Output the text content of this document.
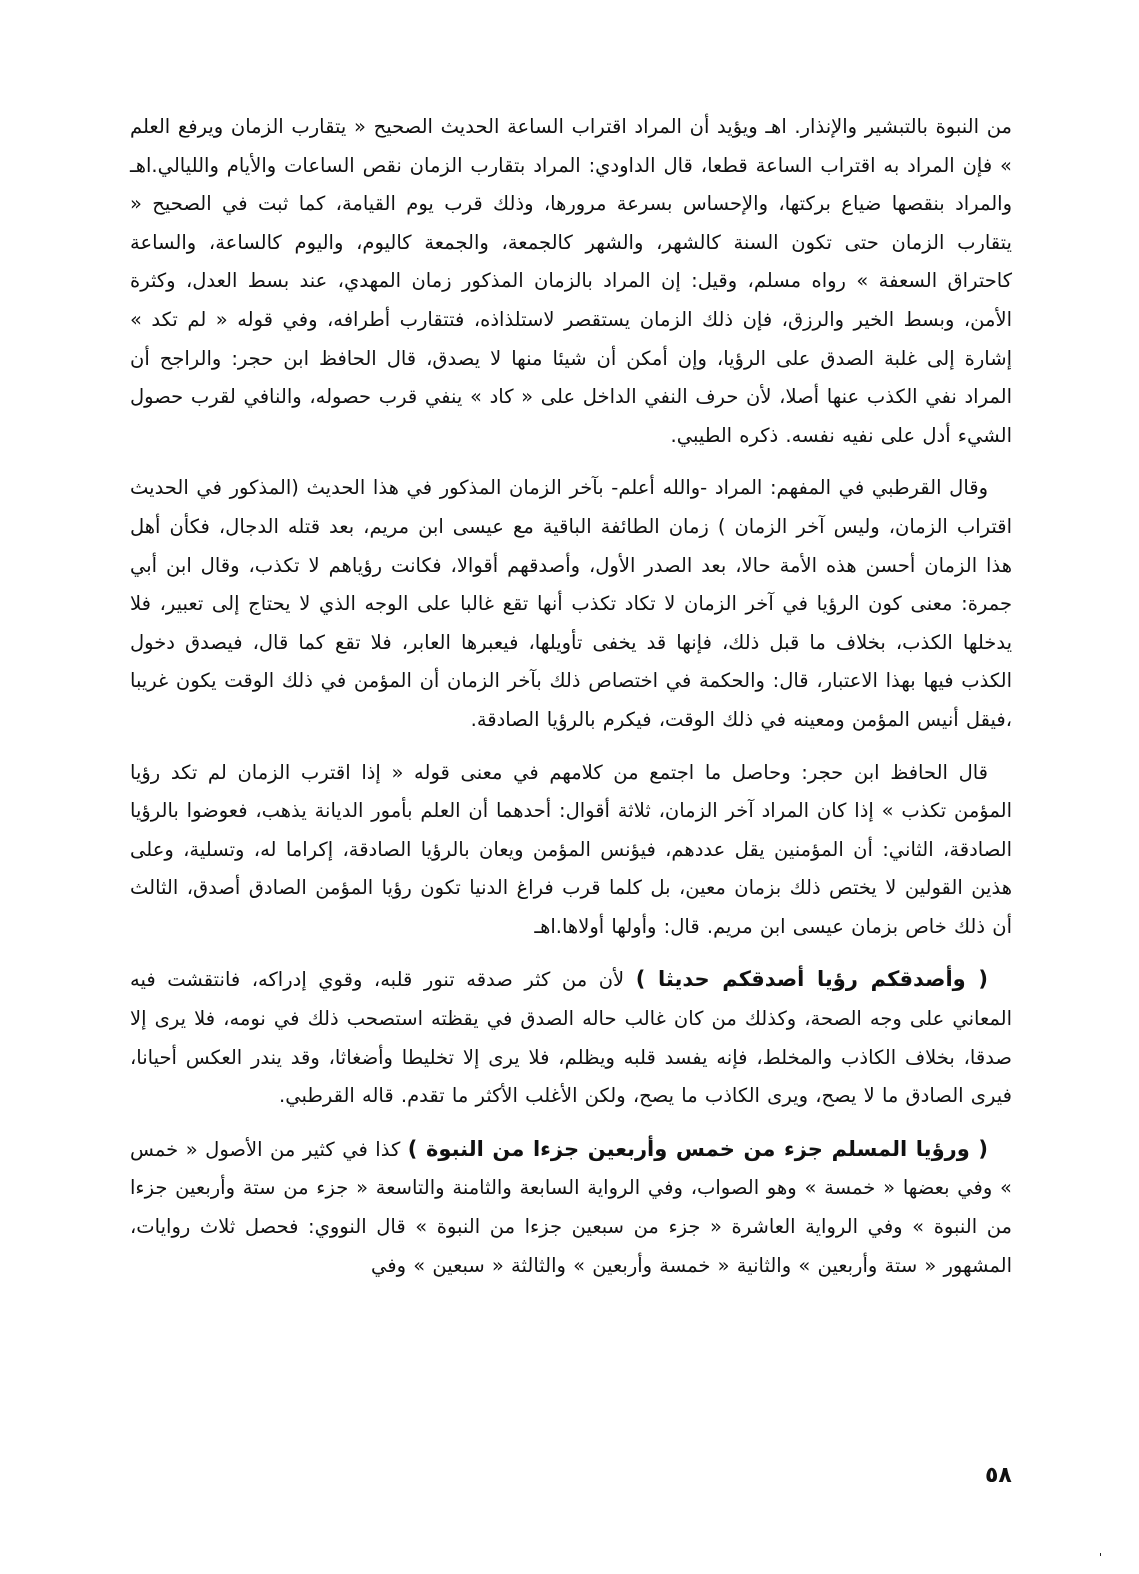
من النبوة بالتبشير والإنذار. اهـ ويؤيد أن المراد اقتراب الساعة الحديث الصحيح « يتقارب الزمان ويرفع العلم » فإن المراد به اقتراب الساعة قطعا، قال الداودي: المراد بتقارب الزمان نقص الساعات والأيام والليالي.اهـ والمراد بنقصها ضياع بركتها، والإحساس بسرعة مرورها، وذلك قرب يوم القيامة، كما ثبت في الصحيح « يتقارب الزمان حتى تكون السنة كالشهر، والشهر كالجمعة، والجمعة كاليوم، واليوم كالساعة، والساعة كاحتراق السعفة » رواه مسلم، وقيل: إن المراد بالزمان المذكور زمان المهدي، عند بسط العدل، وكثرة الأمن، وبسط الخير والرزق، فإن ذلك الزمان يستقصر لاستلذاذه، فتتقارب أطرافه، وفي قوله « لم تكد » إشارة إلى غلبة الصدق على الرؤيا، وإن أمكن أن شيئا منها لا يصدق، قال الحافظ ابن حجر: والراجح أن المراد نفي الكذب عنها أصلا، لأن حرف النفي الداخل على « كاد » ينفي قرب حصوله، والنافي لقرب حصول الشيء أدل على نفيه نفسه. ذكره الطيبي.

وقال القرطبي في المفهم: المراد -والله أعلم- بآخر الزمان المذكور في هذا الحديث (المذكور في الحديث اقتراب الزمان، وليس آخر الزمان ) زمان الطائفة الباقية مع عيسى ابن مريم، بعد قتله الدجال، فكأن أهل هذا الزمان أحسن هذه الأمة حالا، بعد الصدر الأول، وأصدقهم أقوالا، فكانت رؤياهم لا تكذب، وقال ابن أبي جمرة: معنى كون الرؤيا في آخر الزمان لا تكاد تكذب أنها تقع غالبا على الوجه الذي لا يحتاج إلى تعبير، فلا يدخلها الكذب، بخلاف ما قبل ذلك، فإنها قد يخفى تأويلها، فيعبرها العابر، فلا تقع كما قال، فيصدق دخول الكذب فيها بهذا الاعتبار، قال: والحكمة في اختصاص ذلك بآخر الزمان أن المؤمن في ذلك الوقت يكون غريبا ،فيقل أنيس المؤمن ومعينه في ذلك الوقت، فيكرم بالرؤيا الصادقة.

قال الحافظ ابن حجر: وحاصل ما اجتمع من كلامهم في معنى قوله « إذا اقترب الزمان لم تكد رؤيا المؤمن تكذب » إذا كان المراد آخر الزمان، ثلاثة أقوال: أحدهما أن العلم بأمور الديانة يذهب، فعوضوا بالرؤيا الصادقة، الثاني: أن المؤمنين يقل عددهم، فيؤنس المؤمن ويعان بالرؤيا الصادقة، إكراما له، وتسلية، وعلى هذين القولين لا يختص ذلك بزمان معين، بل كلما قرب فراغ الدنيا تكون رؤيا المؤمن الصادق أصدق، الثالث أن ذلك خاص بزمان عيسى ابن مريم. قال: وأولها أولاها.اهـ

( وأصدقكم رؤيا أصدقكم حديثا ) لأن من كثر صدقه تنور قلبه، وقوي إدراكه، فانتقشت فيه المعاني على وجه الصحة، وكذلك من كان غالب حاله الصدق في يقظته استصحب ذلك في نومه، فلا يرى إلا صدقا، بخلاف الكاذب والمخلط، فإنه يفسد قلبه ويظلم، فلا يرى إلا تخليطا وأضغاثا، وقد يندر العكس أحيانا، فيرى الصادق ما لا يصح، ويرى الكاذب ما يصح، ولكن الأغلب الأكثر ما تقدم. قاله القرطبي.

( ورؤيا المسلم جزء من خمس وأربعين جزءا من النبوة ) كذا في كثير من الأصول « خمس » وفي بعضها « خمسة » وهو الصواب، وفي الرواية السابعة والثامنة والتاسعة « جزء من ستة وأربعين جزءا من النبوة » وفي الرواية العاشرة « جزء من سبعين جزءا من النبوة » قال النووي: فحصل ثلاث روايات، المشهور « ستة وأربعين » والثانية « خمسة وأربعين » والثالثة « سبعين » وفي

٥٨
